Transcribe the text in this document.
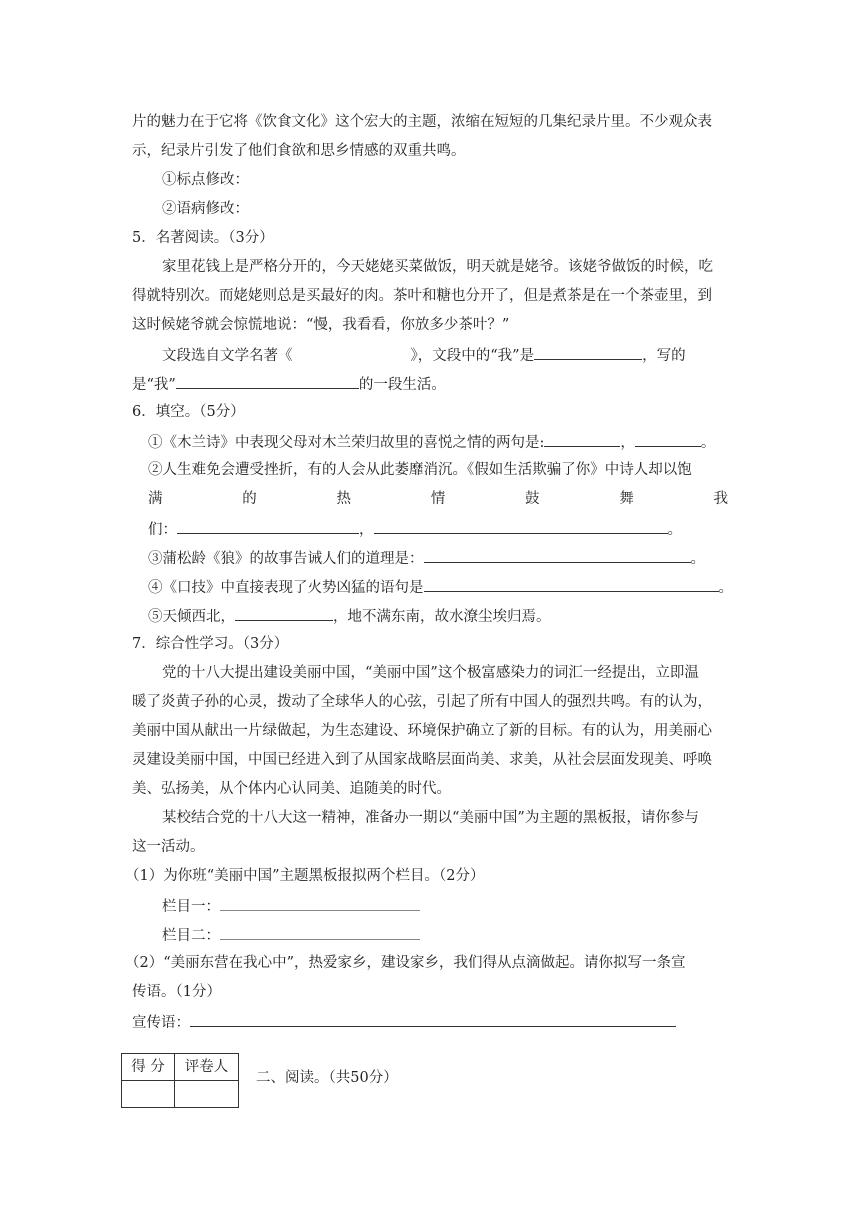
片的魅力在于它将《饮食文化》这个宏大的主题，浓缩在短短的几集纪录片里。不少观众表
示，纪录片引发了他们食欲和思乡情感的双重共鸣。
①标点修改：
②语病修改：
5．名著阅读。（3分）
家里花钱上是严格分开的，今天姥姥买菜做饭，明天就是姥爷。该姥爷做饭的时候，吃
得就特别次。而姥姥则总是买最好的肉。茶叶和糖也分开了，但是煮茶是在一个茶壶里，到
这时候姥爷就会惊慌地说：“慢，我看看，你放多少茶叶？”
文段选自文学名著《	》，文段中的“我”是	，写的
是“我”	的一段生活。
6．填空。（5分）
①《木兰诗》中表现父母对木兰荣归故里的喜悦之情的两句是:	，	。
②人生难免会遭受挫折，有的人会从此萎靡消沉。《假如生活欺骗了你》中诗人却以饱
满	的	热	情	鼓	舞	我
们：	，	。
③蒲松龄《狼》的故事告诫人们的道理是：	。
④《口技》中直接表现了火势凶猛的语句是	。
⑤天倾西北，	，地不满东南，故水潦尘埃归焉。
7．综合性学习。（3分）
党的十八大提出建设美丽中国，“美丽中国”这个极富感染力的词汇一经提出，立即温
暖了炎黄子孙的心灵，拨动了全球华人的心弦，引起了所有中国人的强烈共鸣。有的认为，
美丽中国从献出一片绿做起，为生态建设、环境保护确立了新的目标。有的认为，用美丽心
灵建设美丽中国，中国已经进入到了从国家战略层面尚美、求美，从社会层面发现美、呼唤
美、弘扬美，从个体内心认同美、追随美的时代。
某校结合党的十八大这一精神，准备办一期以“美丽中国”为主题的黑板报，请你参与
这一活动。
（1）为你班“美丽中国”主题黑板报拟两个栏目。（2分）
栏目一：
栏目二：
（2）“美丽东营在我心中”，热爱家乡，建设家乡，我们得从点滴做起。请你拟写一条宣
传语。（1分）
宣传语：
得 分	评卷人

二、阅读。（共50分）
